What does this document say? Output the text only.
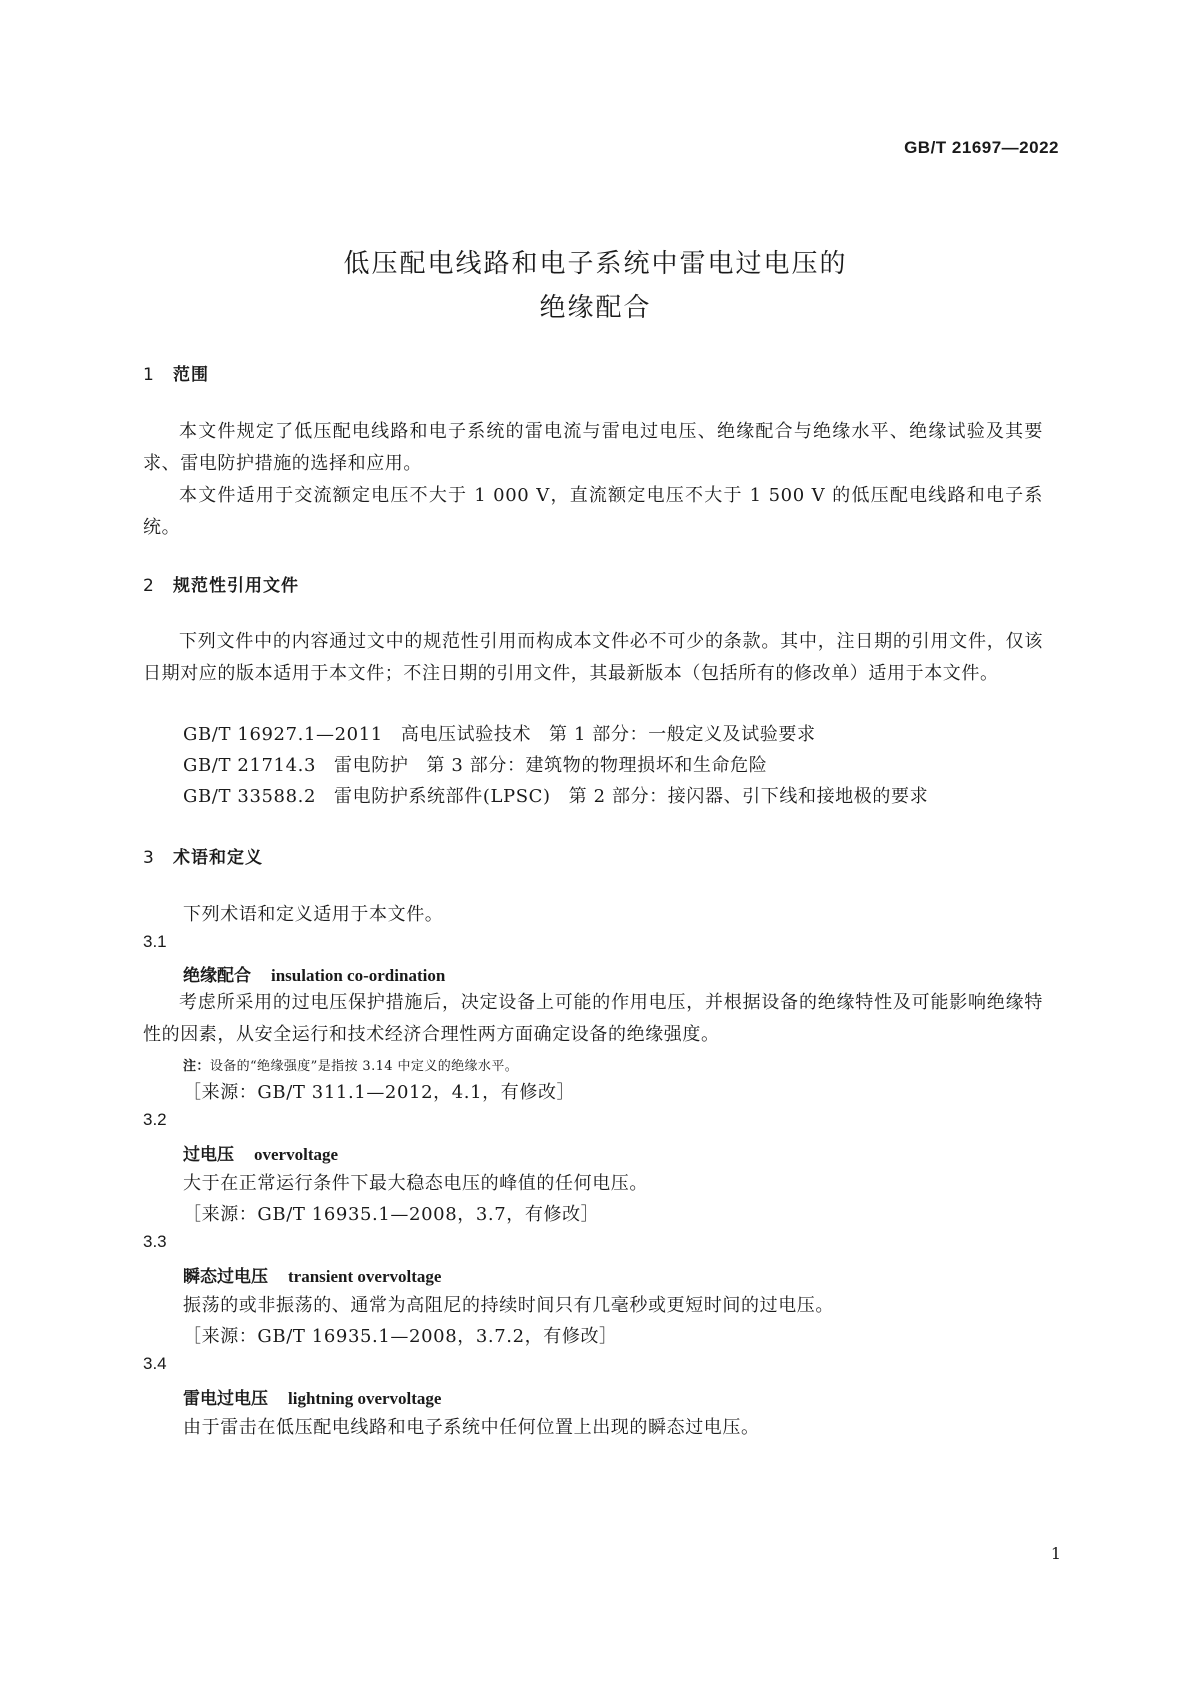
GB/T 21697—2022
低压配电线路和电子系统中雷电过电压的
绝缘配合
1 范围
本文件规定了低压配电线路和电子系统的雷电流与雷电过电压、绝缘配合与绝缘水平、绝缘试验及其要求、雷电防护措施的选择和应用。
本文件适用于交流额定电压不大于 1 000 V，直流额定电压不大于 1 500 V 的低压配电线路和电子系统。
2 规范性引用文件
下列文件中的内容通过文中的规范性引用而构成本文件必不可少的条款。其中，注日期的引用文件，仅该日期对应的版本适用于本文件；不注日期的引用文件，其最新版本（包括所有的修改单）适用于本文件。
GB/T 16927.1—2011 高电压试验技术 第 1 部分：一般定义及试验要求
GB/T 21714.3 雷电防护 第 3 部分：建筑物的物理损坏和生命危险
GB/T 33588.2 雷电防护系统部件(LPSC) 第 2 部分：接闪器、引下线和接地极的要求
3 术语和定义
下列术语和定义适用于本文件。
3.1
绝缘配合 insulation co-ordination
考虑所采用的过电压保护措施后，决定设备上可能的作用电压，并根据设备的绝缘特性及可能影响绝缘特性的因素，从安全运行和技术经济合理性两方面确定设备的绝缘强度。
注：设备的“绝缘强度”是指按 3.14 中定义的绝缘水平。
［来源：GB/T 311.1—2012，4.1，有修改］
3.2
过电压 overvoltage
大于在正常运行条件下最大稳态电压的峰值的任何电压。
［来源：GB/T 16935.1—2008，3.7，有修改］
3.3
瞬态过电压 transient overvoltage
振荡的或非振荡的、通常为高阻尼的持续时间只有几毫秒或更短时间的过电压。
［来源：GB/T 16935.1—2008，3.7.2，有修改］
3.4
雷电过电压 lightning overvoltage
由于雷击在低压配电线路和电子系统中任何位置上出现的瞬态过电压。
1
